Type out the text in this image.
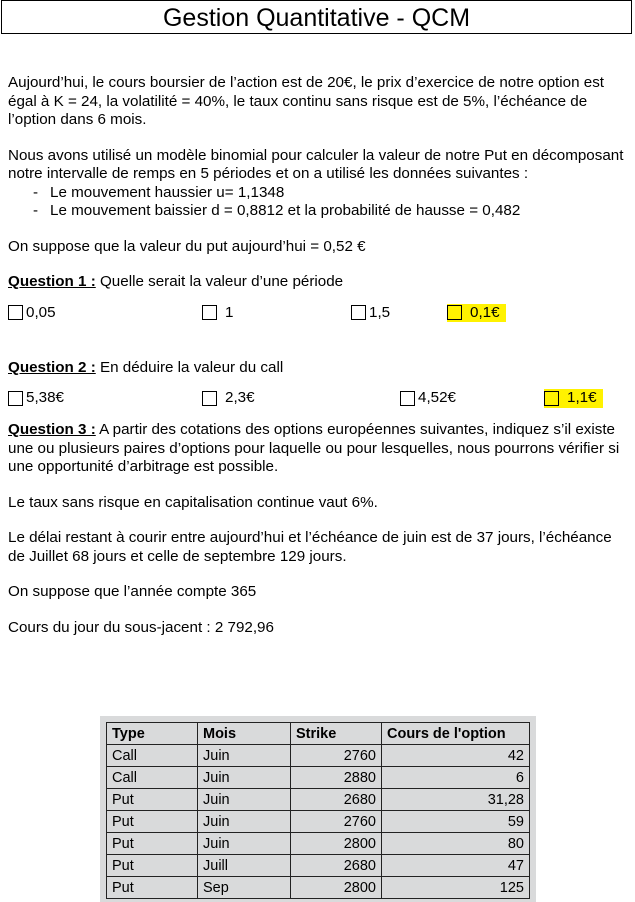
Gestion Quantitative - QCM

Aujourd’hui, le cours boursier de l’action est de 20€, le prix d’exercice de notre option est égal à K = 24, la volatilité = 40%, le taux continu sans risque est de 5%, l’échéance de l’option dans 6 mois.

Nous avons utilisé un modèle binomial pour calculer la valeur de notre Put en décomposant notre intervalle de remps en 5 périodes et on a utilisé les données suivantes :

- Le mouvement haussier u= 1,1348
- Le mouvement baissier d = 0,8812 et la probabilité de hausse = 0,482

On suppose que la valeur du put aujourd’hui = 0,52 €

Question 1 : Quelle serait la valeur d’une période

0,05	1	1,5	0,1€

Question 2 : En déduire la valeur du call

5,38€	2,3€	4,52€	1,1€

Question 3 : A partir des cotations des options européennes suivantes, indiquez s’il existe une ou plusieurs paires d’options pour laquelle ou pour lesquelles, nous pourrons vérifier si une opportunité d’arbitrage est possible.

Le taux sans risque en capitalisation continue vaut 6%.

Le délai restant à courir entre aujourd’hui et l’échéance de juin est de 37 jours, l’échéance de Juillet 68 jours et celle de septembre 129 jours.

On suppose que l’année compte 365

Cours du jour du sous-jacent : 2 792,96

Type	Mois	Strike	Cours de l'option
Call	Juin	2760	42
Call	Juin	2880	6
Put	Juin	2680	31,28
Put	Juin	2760	59
Put	Juin	2800	80
Put	Juill	2680	47
Put	Sep	2800	125
